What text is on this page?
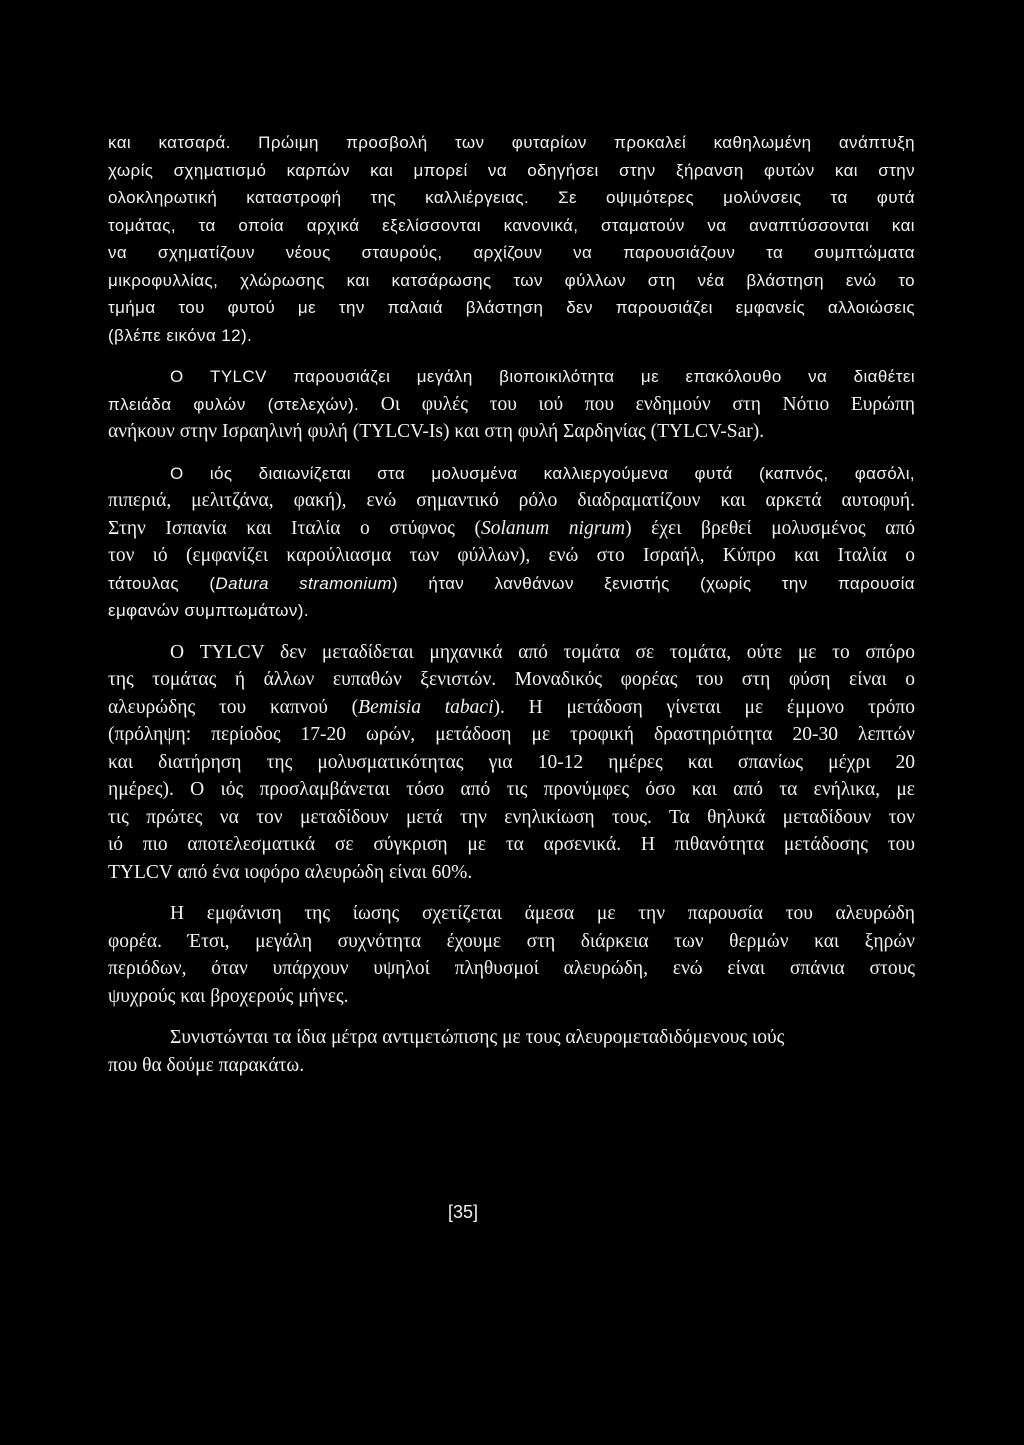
και κατσαρά. Πρώιμη προσβολή των φυταρίων προκαλεί καθηλωμένη ανάπτυξη
χωρίς σχηματισμό καρπών και μπορεί να οδηγήσει στην ξήρανση φυτών και στην
ολοκληρωτική καταστροφή της καλλιέργειας. Σε οψιμότερες μολύνσεις τα φυτά
τομάτας, τα οποία αρχικά εξελίσσονται κανονικά, σταματούν να αναπτύσσονται και
να σχηματίζουν νέους σταυρούς, αρχίζουν να παρουσιάζουν τα συμπτώματα
μικροφυλλίας, χλώρωσης και κατσάρωσης των φύλλων στη νέα βλάστηση ενώ το
τμήμα του φυτού με την παλαιά βλάστηση δεν παρουσιάζει εμφανείς αλλοιώσεις
(βλέπε εικόνα 12).
Ο TYLCV παρουσιάζει μεγάλη βιοποικιλότητα με επακόλουθο να διαθέτει
πλειάδα φυλών (στελεχών). Οι φυλές του ιού που ενδημούν στη Νότιο Ευρώπη
ανήκουν στην Ισραηλινή φυλή (TYLCV-Is) και στη φυλή Σαρδηνίας (TYLCV-Sar).
Ο ιός διαιωνίζεται στα μολυσμένα καλλιεργούμενα φυτά (καπνός, φασόλι,
πιπεριά, μελιτζάνα, φακή), ενώ σημαντικό ρόλο διαδραματίζουν και αρκετά αυτοφυή.
Στην Ισπανία και Ιταλία ο στύφνος (Solanum nigrum) έχει βρεθεί μολυσμένος από
τον ιό (εμφανίζει καρούλιασμα των φύλλων), ενώ στο Ισραήλ, Κύπρο και Ιταλία ο
τάτουλας (Datura stramonium) ήταν λανθάνων ξενιστής (χωρίς την παρουσία
εμφανών συμπτωμάτων).
Ο TYLCV δεν μεταδίδεται μηχανικά από τομάτα σε τομάτα, ούτε με το σπόρο
της τομάτας ή άλλων ευπαθών ξενιστών. Μοναδικός φορέας του στη φύση είναι ο
αλευρώδης του καπνού (Bemisia tabaci). Η μετάδοση γίνεται με έμμονο τρόπο
(πρόληψη: περίοδος 17-20 ωρών, μετάδοση με τροφική δραστηριότητα 20-30 λεπτών
και διατήρηση της μολυσματικότητας για 10-12 ημέρες και σπανίως μέχρι 20
ημέρες). Ο ιός προσλαμβάνεται τόσο από τις προνύμφες όσο και από τα ενήλικα, με
τις πρώτες να τον μεταδίδουν μετά την ενηλικίωση τους. Τα θηλυκά μεταδίδουν τον
ιό πιο αποτελεσματικά σε σύγκριση με τα αρσενικά. Η πιθανότητα μετάδοσης του
TYLCV από ένα ιοφόρο αλευρώδη είναι 60%.
Η εμφάνιση της ίωσης σχετίζεται άμεσα με την παρουσία του αλευρώδη
φορέα. Έτσι, μεγάλη συχνότητα έχουμε στη διάρκεια των θερμών και ξηρών
περιόδων, όταν υπάρχουν υψηλοί πληθυσμοί αλευρώδη, ενώ είναι σπάνια στους
ψυχρούς και βροχερούς μήνες.
Συνιστώνται τα ίδια μέτρα αντιμετώπισης με τους αλευρομεταδιδόμενους ιούς
που θα δούμε παρακάτω.
[35]
